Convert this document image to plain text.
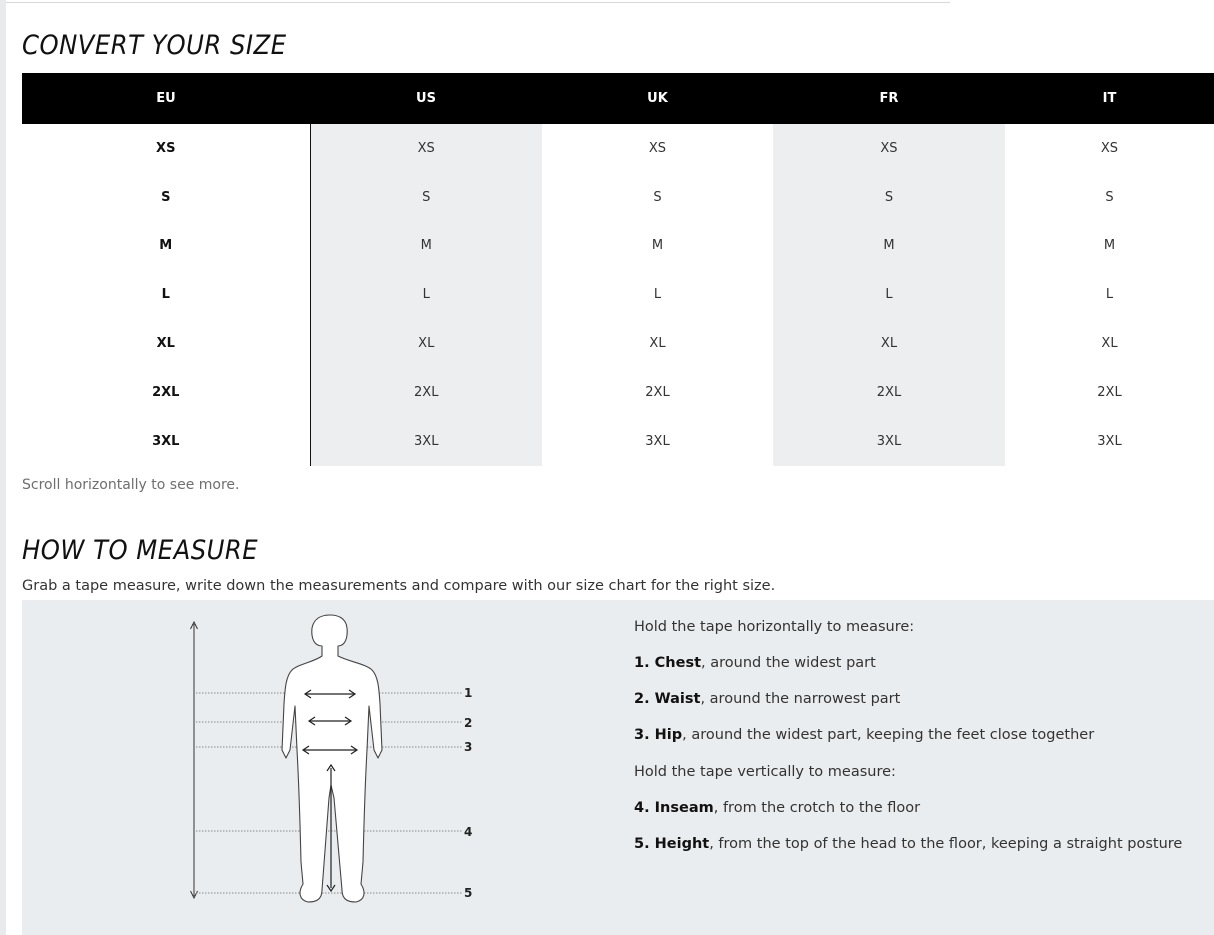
CONVERT YOUR SIZE
EU	US	UK	FR	IT
XS	XS	XS	XS	XS
S	S	S	S	S
M	M	M	M	M
L	L	L	L	L
XL	XL	XL	XL	XL
2XL	2XL	2XL	2XL	2XL
3XL	3XL	3XL	3XL	3XL
Scroll horizontally to see more.
HOW TO MEASURE
Grab a tape measure, write down the measurements and compare with our size chart for the right size.
1
2
3
4
5
Hold the tape horizontally to measure:
1. Chest, around the widest part
2. Waist, around the narrowest part
3. Hip, around the widest part, keeping the feet close together
Hold the tape vertically to measure:
4. Inseam, from the crotch to the floor
5. Height, from the top of the head to the floor, keeping a straight posture
